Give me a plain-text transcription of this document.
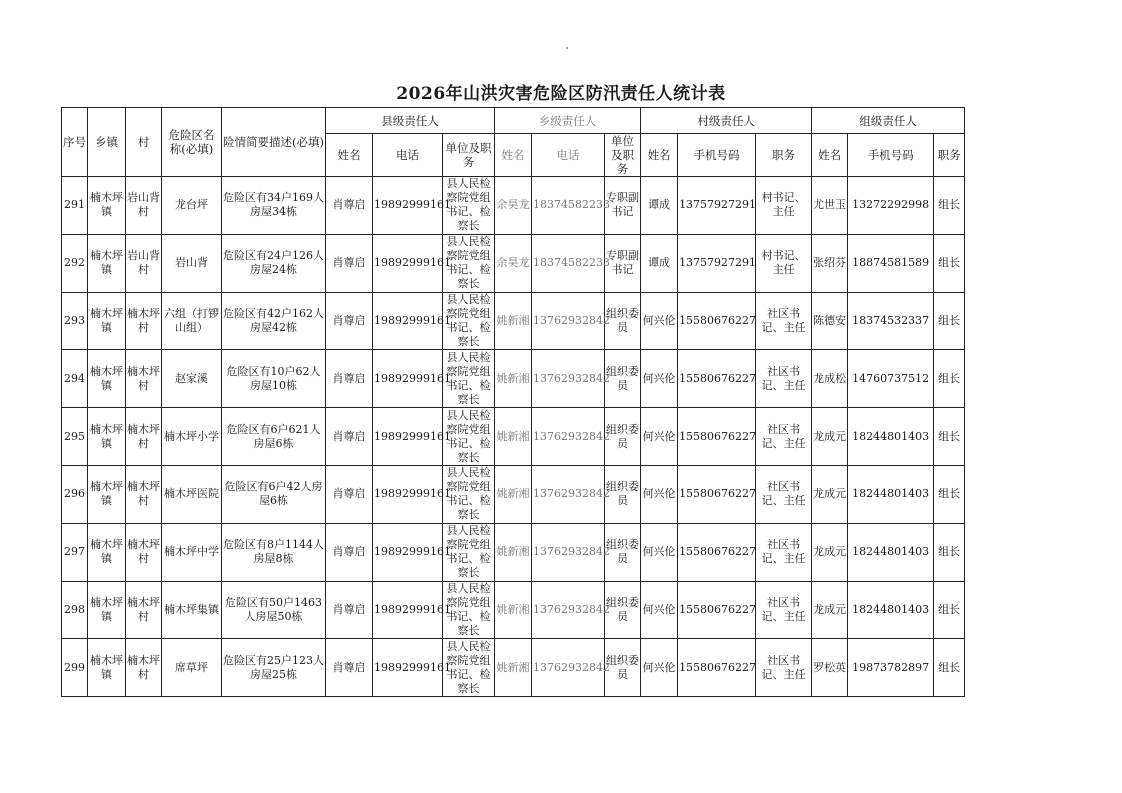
2026年山洪灾害危险区防汛责任人统计表
序号	乡镇	村	危险区名称(必填)	险情简要描述(必填)	县级责任人			乡级责任人			村级责任人			组级责任人		
					姓名	电话	单位及职务	姓名	电话	单位及职务	姓名	手机号码	职务	姓名	手机号码	职务
291	楠木坪镇	岩山背村	龙台坪	危险区有34户169人房屋34栋	肖尊启	19892999161	县人民检察院党组书记、检察长	余昊龙	18374582233	专职副书记	谭成	13757927291	村书记、主任	尤世玉	13272292998	组长
292	楠木坪镇	岩山背村	岩山背	危险区有24户126人房屋24栋	肖尊启	19892999161	县人民检察院党组书记、检察长	余昊龙	18374582233	专职副书记	谭成	13757927291	村书记、主任	张绍芬	18874581589	组长
293	楠木坪镇	楠木坪村	六组（打锣山组）	危险区有42户162人房屋42栋	肖尊启	19892999161	县人民检察院党组书记、检察长	姚新湘	13762932842	组织委员	何兴伦	15580676227	社区书记、主任	陈德安	18374532337	组长
294	楠木坪镇	楠木坪村	赵家溪	危险区有10户62人房屋10栋	肖尊启	19892999161	县人民检察院党组书记、检察长	姚新湘	13762932842	组织委员	何兴伦	15580676227	社区书记、主任	龙成松	14760737512	组长
295	楠木坪镇	楠木坪村	楠木坪小学	危险区有6户621人房屋6栋	肖尊启	19892999161	县人民检察院党组书记、检察长	姚新湘	13762932842	组织委员	何兴伦	15580676227	社区书记、主任	龙成元	18244801403	组长
296	楠木坪镇	楠木坪村	楠木坪医院	危险区有6户42人房屋6栋	肖尊启	19892999161	县人民检察院党组书记、检察长	姚新湘	13762932842	组织委员	何兴伦	15580676227	社区书记、主任	龙成元	18244801403	组长
297	楠木坪镇	楠木坪村	楠木坪中学	危险区有8户1144人房屋8栋	肖尊启	19892999161	县人民检察院党组书记、检察长	姚新湘	13762932842	组织委员	何兴伦	15580676227	社区书记、主任	龙成元	18244801403	组长
298	楠木坪镇	楠木坪村	楠木坪集镇	危险区有50户1463人房屋50栋	肖尊启	19892999161	县人民检察院党组书记、检察长	姚新湘	13762932842	组织委员	何兴伦	15580676227	社区书记、主任	龙成元	18244801403	组长
299	楠木坪镇	楠木坪村	席草坪	危险区有25户123人房屋25栋	肖尊启	19892999161	县人民检察院党组书记、检察长	姚新湘	13762932842	组织委员	何兴伦	15580676227	社区书记、主任	罗松英	19873782897	组长
